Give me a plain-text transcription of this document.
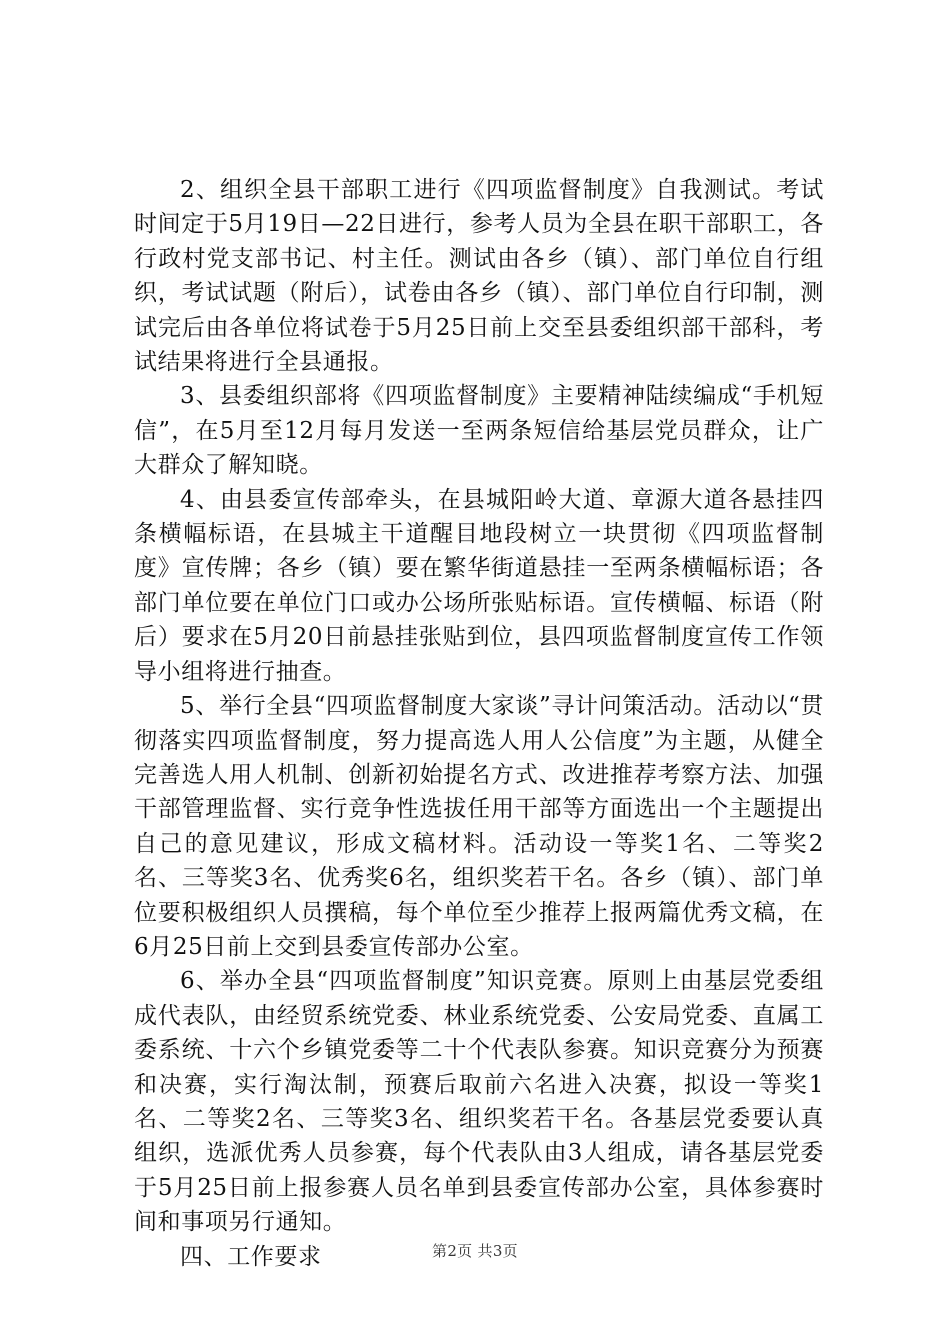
2、组织全县干部职工进行《四项监督制度》自我测试。考试时间定于5月19日—22日进行，参考人员为全县在职干部职工，各行政村党支部书记、村主任。测试由各乡（镇）、部门单位自行组织，考试试题（附后），试卷由各乡（镇）、部门单位自行印制，测试完后由各单位将试卷于5月25日前上交至县委组织部干部科，考试结果将进行全县通报。

3、县委组织部将《四项监督制度》主要精神陆续编成“手机短信”，在5月至12月每月发送一至两条短信给基层党员群众，让广大群众了解知晓。

4、由县委宣传部牵头，在县城阳岭大道、章源大道各悬挂四条横幅标语，在县城主干道醒目地段树立一块贯彻《四项监督制度》宣传牌；各乡（镇）要在繁华街道悬挂一至两条横幅标语；各部门单位要在单位门口或办公场所张贴标语。宣传横幅、标语（附后）要求在5月20日前悬挂张贴到位，县四项监督制度宣传工作领导小组将进行抽查。

5、举行全县“四项监督制度大家谈”寻计问策活动。活动以“贯彻落实四项监督制度，努力提高选人用人公信度”为主题，从健全完善选人用人机制、创新初始提名方式、改进推荐考察方法、加强干部管理监督、实行竞争性选拔任用干部等方面选出一个主题提出自己的意见建议，形成文稿材料。活动设一等奖1名、二等奖2名、三等奖3名、优秀奖6名，组织奖若干名。各乡（镇）、部门单位要积极组织人员撰稿，每个单位至少推荐上报两篇优秀文稿，在6月25日前上交到县委宣传部办公室。

6、举办全县“四项监督制度”知识竞赛。原则上由基层党委组成代表队，由经贸系统党委、林业系统党委、公安局党委、直属工委系统、十六个乡镇党委等二十个代表队参赛。知识竞赛分为预赛和决赛，实行淘汰制，预赛后取前六名进入决赛，拟设一等奖1名、二等奖2名、三等奖3名、组织奖若干名。各基层党委要认真组织，选派优秀人员参赛，每个代表队由3人组成，请各基层党委于5月25日前上报参赛人员名单到县委宣传部办公室，具体参赛时间和事项另行通知。

四、工作要求	第2页 共3页
